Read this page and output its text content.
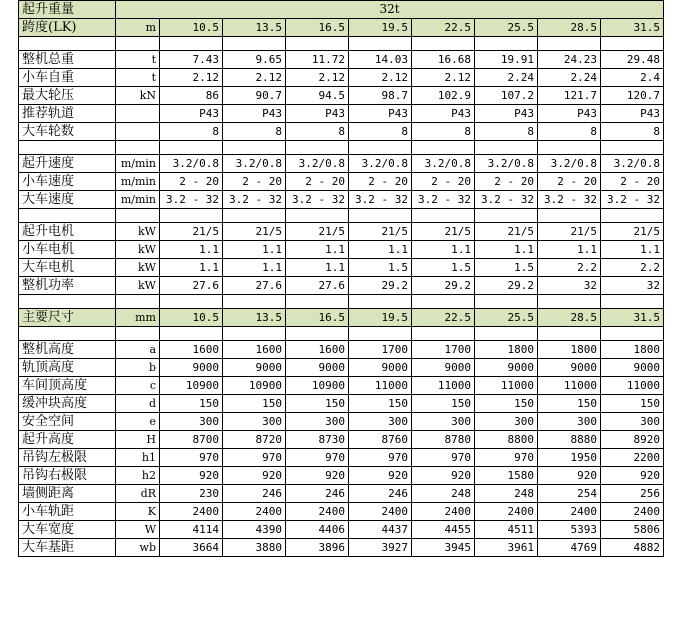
起升重量	32t								
跨度(LK)	m	10.5	13.5	16.5	19.5	22.5	25.5	28.5	31.5

整机总重	t	7.43	9.65	11.72	14.03	16.68	19.91	24.23	29.48
小车自重	t	2.12	2.12	2.12	2.12	2.12	2.24	2.24	2.4
最大轮压	kN	86	90.7	94.5	98.7	102.9	107.2	121.7	120.7
推荐轨道		P43	P43	P43	P43	P43	P43	P43	P43
大车轮数		8	8	8	8	8	8	8	8

起升速度	m/min	3.2/0.8	3.2/0.8	3.2/0.8	3.2/0.8	3.2/0.8	3.2/0.8	3.2/0.8	3.2/0.8
小车速度	m/min	2 - 20	2 - 20	2 - 20	2 - 20	2 - 20	2 - 20	2 - 20	2 - 20
大车速度	m/min	3.2 - 32	3.2 - 32	3.2 - 32	3.2 - 32	3.2 - 32	3.2 - 32	3.2 - 32	3.2 - 32

起升电机	kW	21/5	21/5	21/5	21/5	21/5	21/5	21/5	21/5
小车电机	kW	1.1	1.1	1.1	1.1	1.1	1.1	1.1	1.1
大车电机	kW	1.1	1.1	1.1	1.5	1.5	1.5	2.2	2.2
整机功率	kW	27.6	27.6	27.6	29.2	29.2	29.2	32	32

主要尺寸	mm	10.5	13.5	16.5	19.5	22.5	25.5	28.5	31.5

整机高度	a	1600	1600	1600	1700	1700	1800	1800	1800
轨顶高度	b	9000	9000	9000	9000	9000	9000	9000	9000
车间顶高度	c	10900	10900	10900	11000	11000	11000	11000	11000
缓冲块高度	d	150	150	150	150	150	150	150	150
安全空间	e	300	300	300	300	300	300	300	300
起升高度	H	8700	8720	8730	8760	8780	8800	8880	8920
吊钩左极限	h1	970	970	970	970	970	970	1950	2200
吊钩右极限	h2	920	920	920	920	920	1580	920	920
墙侧距离	dR	230	246	246	246	248	248	254	256
小车轨距	K	2400	2400	2400	2400	2400	2400	2400	2400
大车宽度	W	4114	4390	4406	4437	4455	4511	5393	5806
大车基距	wb	3664	3880	3896	3927	3945	3961	4769	4882
